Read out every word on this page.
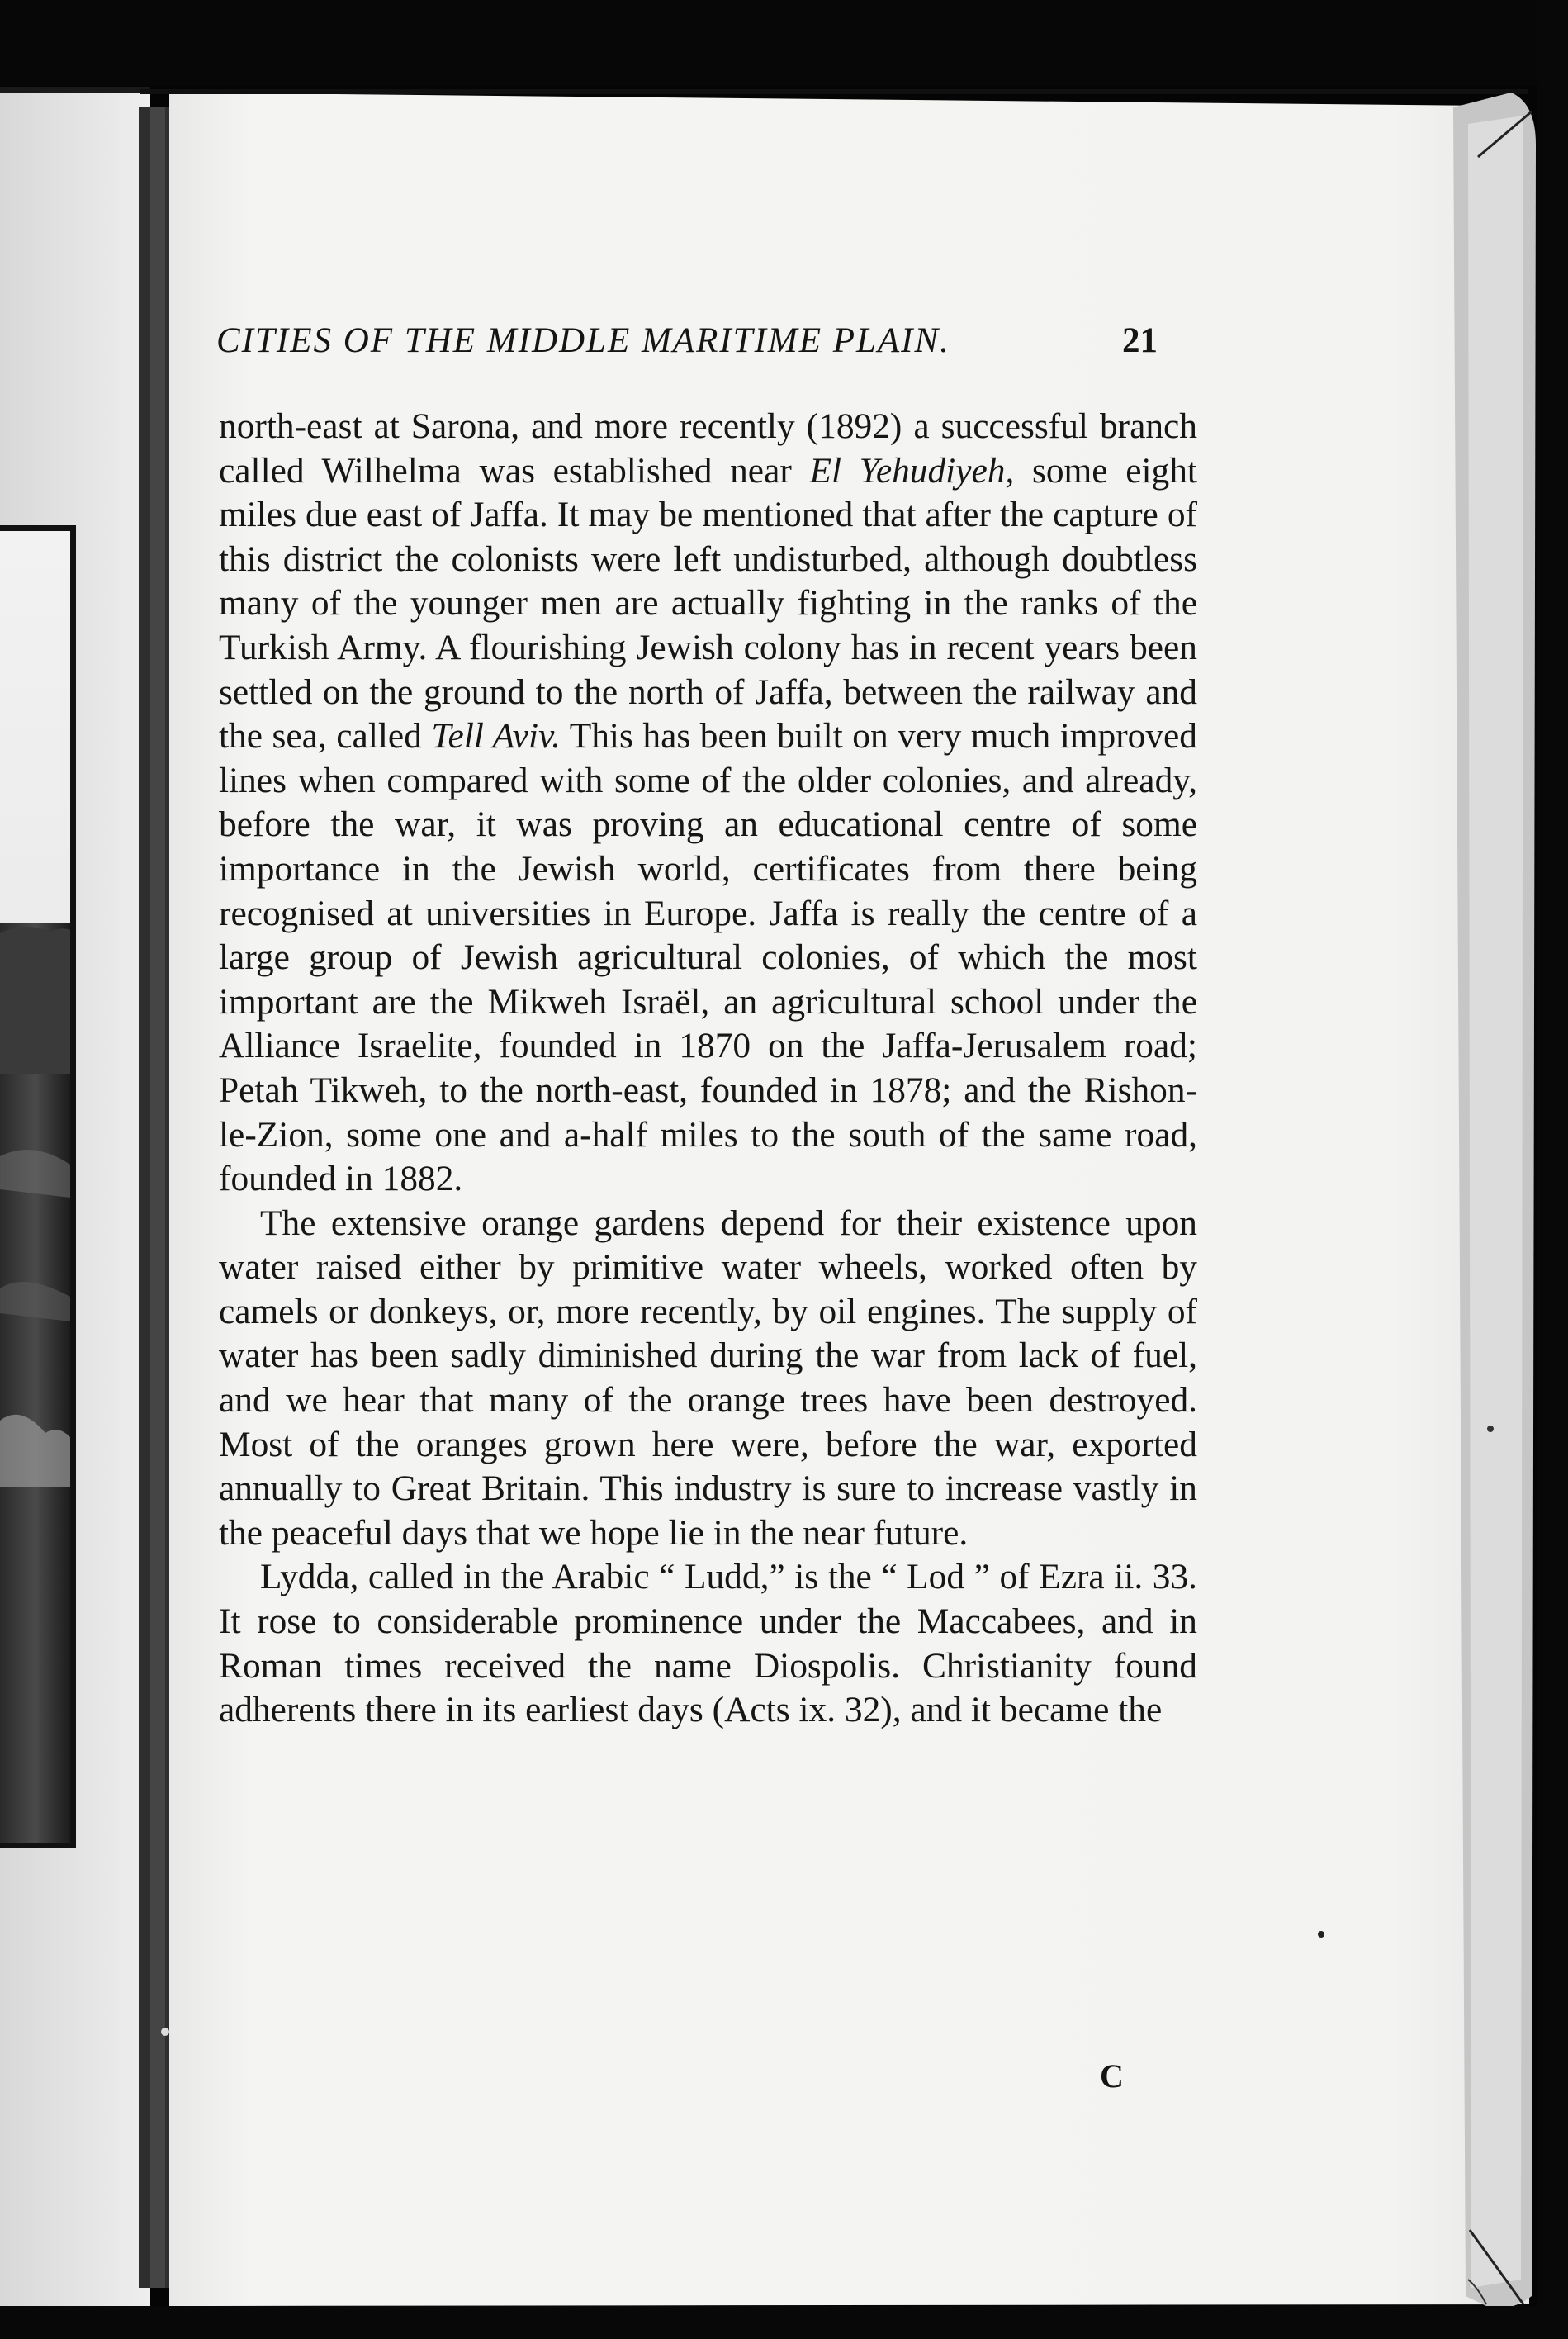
CITIES OF THE MIDDLE MARITIME PLAIN.	21

north-east at Sarona, and more recently (1892) a successful branch called Wilhelma was established near El Yehudiyeh, some eight miles due east of Jaffa. It may be mentioned that after the capture of this district the colonists were left undisturbed, although doubtless many of the younger men are actually fighting in the ranks of the Turkish Army. A flourishing Jewish colony has in recent years been settled on the ground to the north of Jaffa, between the railway and the sea, called Tell Aviv. This has been built on very much improved lines when compared with some of the older colonies, and already, before the war, it was proving an educational centre of some importance in the Jewish world, certificates from there being recognised at universities in Europe. Jaffa is really the centre of a large group of Jewish agricultural colonies, of which the most important are the Mikweh Israël, an agricultural school under the Alliance Israelite, founded in 1870 on the Jaffa-Jerusalem road; Petah Tikweh, to the north-east, founded in 1878; and the Rishon-le-Zion, some one and a-half miles to the south of the same road, founded in 1882.

The extensive orange gardens depend for their existence upon water raised either by primitive water wheels, worked often by camels or donkeys, or, more recently, by oil engines. The supply of water has been sadly diminished during the war from lack of fuel, and we hear that many of the orange trees have been destroyed. Most of the oranges grown here were, before the war, exported annually to Great Britain. This industry is sure to increase vastly in the peaceful days that we hope lie in the near future.

Lydda, called in the Arabic “ Ludd,” is the “ Lod ” of Ezra ii. 33. It rose to considerable prominence under the Maccabees, and in Roman times received the name Diospolis. Christianity found adherents there in its earliest days (Acts ix. 32), and it became the

C
